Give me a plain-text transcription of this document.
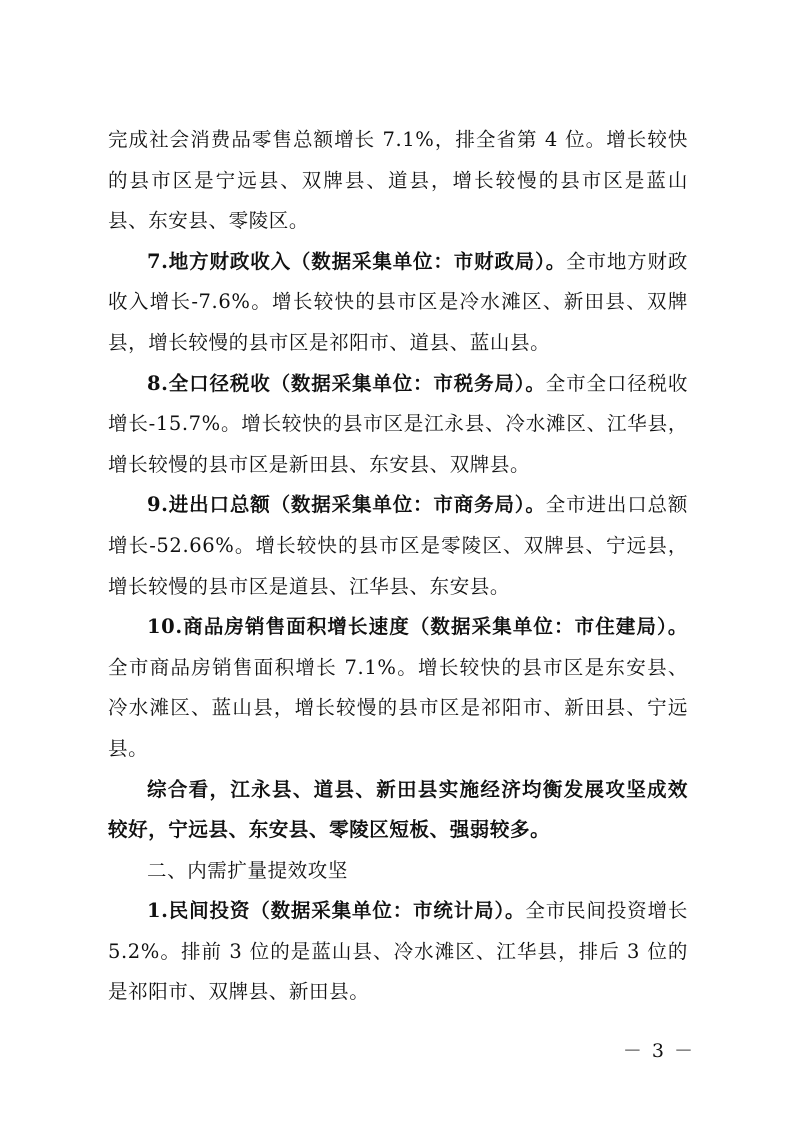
完成社会消费品零售总额增长 7.1%，排全省第 4 位。增长较快的县市区是宁远县、双牌县、道县，增长较慢的县市区是蓝山县、东安县、零陵区。

7.地方财政收入（数据采集单位：市财政局）。全市地方财政收入增长-7.6%。增长较快的县市区是冷水滩区、新田县、双牌县，增长较慢的县市区是祁阳市、道县、蓝山县。

8.全口径税收（数据采集单位：市税务局）。全市全口径税收增长-15.7%。增长较快的县市区是江永县、冷水滩区、江华县，增长较慢的县市区是新田县、东安县、双牌县。

9.进出口总额（数据采集单位：市商务局）。全市进出口总额增长-52.66%。增长较快的县市区是零陵区、双牌县、宁远县，增长较慢的县市区是道县、江华县、东安县。

10.商品房销售面积增长速度（数据采集单位：市住建局）。全市商品房销售面积增长 7.1%。增长较快的县市区是东安县、冷水滩区、蓝山县，增长较慢的县市区是祁阳市、新田县、宁远县。

综合看，江永县、道县、新田县实施经济均衡发展攻坚成效较好，宁远县、东安县、零陵区短板、强弱较多。

二、内需扩量提效攻坚

1.民间投资（数据采集单位：市统计局）。全市民间投资增长 5.2%。排前 3 位的是蓝山县、冷水滩区、江华县，排后 3 位的是祁阳市、双牌县、新田县。

－ 3 －
